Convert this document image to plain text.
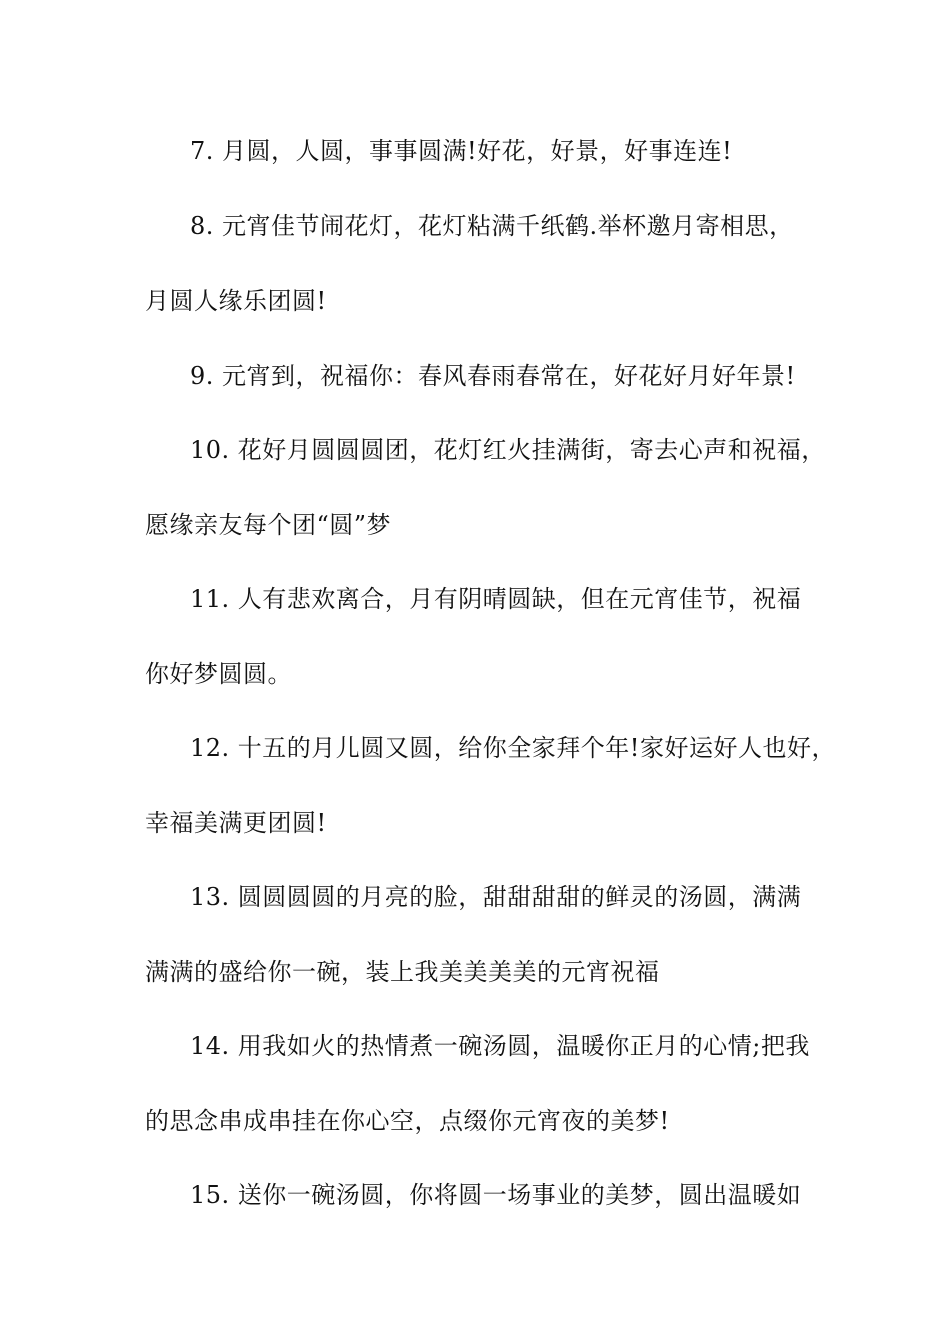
7. 月圆，人圆，事事圆满!好花，好景，好事连连!
8. 元宵佳节闹花灯，花灯粘满千纸鹤.举杯邀月寄相思，
月圆人缘乐团圆!
9. 元宵到，祝福你：春风春雨春常在，好花好月好年景!
10. 花好月圆圆圆团，花灯红火挂满街，寄去心声和祝福，
愿缘亲友每个团“圆”梦
11. 人有悲欢离合，月有阴晴圆缺，但在元宵佳节，祝福
你好梦圆圆。
12. 十五的月儿圆又圆，给你全家拜个年!家好运好人也好，
幸福美满更团圆!
13. 圆圆圆圆的月亮的脸，甜甜甜甜的鲜灵的汤圆，满满
满满的盛给你一碗，装上我美美美美的元宵祝福
14. 用我如火的热情煮一碗汤圆，温暖你正月的心情;把我
的思念串成串挂在你心空，点缀你元宵夜的美梦!
15. 送你一碗汤圆，你将圆一场事业的美梦，圆出温暖如
